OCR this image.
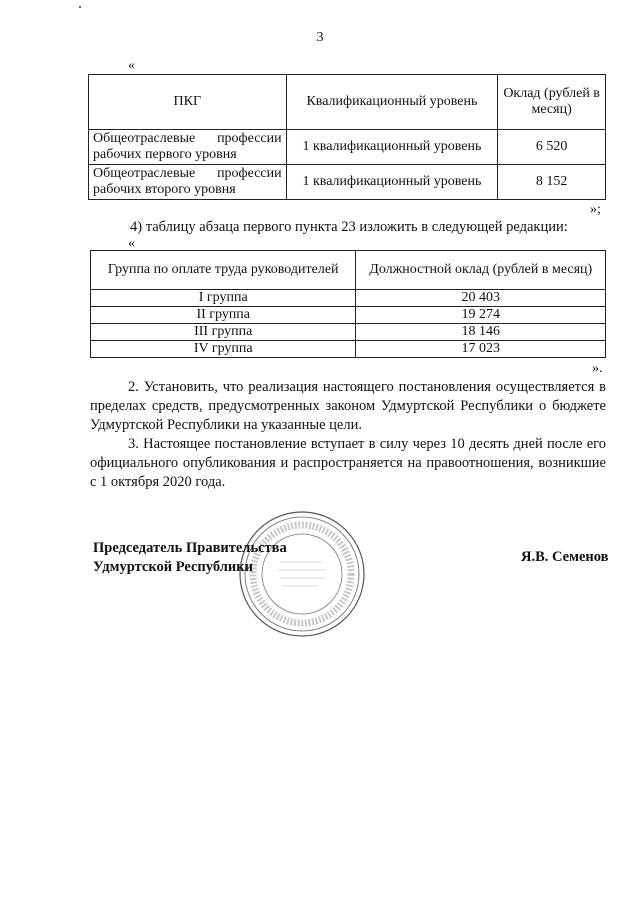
3
«
ПКГ	Квалификационный уровень	Оклад (рублей в месяц)
Общеотраслевые профессии рабочих первого уровня	1 квалификационный уровень	6 520
Общеотраслевые профессии рабочих второго уровня	1 квалификационный уровень	8 152
»;
4) таблицу абзаца первого пункта 23 изложить в следующей редакции:
«
Группа по оплате труда руководителей	Должностной оклад (рублей в месяц)
I группа	20 403
II группа	19 274
III группа	18 146
IV группа	17 023
».
2. Установить, что реализация настоящего постановления осуществляется в пределах средств, предусмотренных законом Удмуртской Республики о бюджете Удмуртской Республики на указанные цели.
3. Настоящее постановление вступает в силу через 10 десять дней после его официального опубликования и распространяется на правоотношения, возникшие с 1 октября 2020 года.
Председатель Правительства
Удмуртской Республики
Я.В. Семенов
